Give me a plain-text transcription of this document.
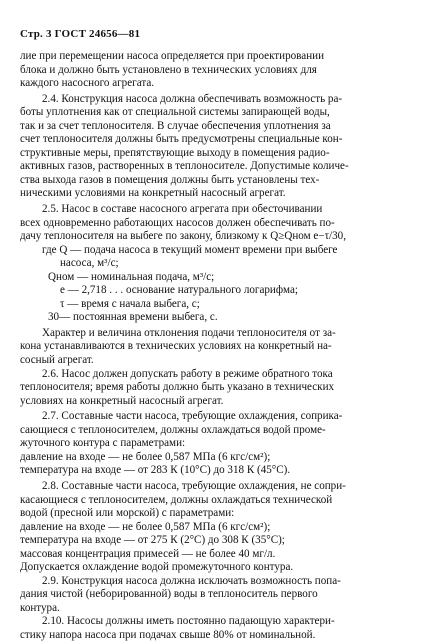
Стр. 3 ГОСТ 24656—81
лие при перемещении насоса определяется при проектировании
блока и должно быть установлено в технических условиях для
каждого насосного агрегата.
2.4. Конструкция насоса должна обеспечивать возможность ра-
боты уплотнения как от специальной системы запирающей воды,
так и за счет теплоносителя. В случае обеспечения уплотнения за
счет теплоносителя должны быть предусмотрены специальные кон-
структивные меры, препятствующие выходу в помещения радио-
активных газов, растворенных в теплоносителе. Допустимые количе-
ства выхода газов в помещения должны быть установлены тех-
ническими условиями на конкретный насосный агрегат.
2.5. Насос в составе насосного агрегата при обесточивании
всех одновременно работающих насосов должен обеспечивать по-
дачу теплоносителя на выбеге по закону, близкому к Q≥Qном e−τ/30,
где Q — подача насоса в текущий момент времени при выбеге
насоса, м³/с;
Qном — номинальная подача, м³/с;
e — 2,718 . . . основание натурального логарифма;
τ — время с начала выбега, с;
30— постоянная времени выбега, с.
Характер и величина отклонения подачи теплоносителя от за-
кона устанавливаются в технических условиях на конкретный на-
сосный агрегат.
2.6. Насос должен допускать работу в режиме обратного тока
теплоносителя; время работы должно быть указано в технических
условиях на конкретный насосный агрегат.
2.7. Составные части насоса, требующие охлаждения, соприка-
сающиеся с теплоносителем, должны охлаждаться водой проме-
жуточного контура с параметрами:
давление на входе — не более 0,587 МПа (6 кгс/см²);
температура на входе — от 283 К (10°С) до 318 К (45°С).
2.8. Составные части насоса, требующие охлаждения, не сопри-
касающиеся с теплоносителем, должны охлаждаться технической
водой (пресной или морской) с параметрами:
давление на входе — не более 0,587 МПа (6 кгс/см²);
температура на входе — от 275 К (2°С) до 308 К (35°С);
массовая концентрация примесей — не более 40 мг/л.
Допускается охлаждение водой промежуточного контура.
2.9. Конструкция насоса должна исключать возможность попа-
дания чистой (неборированной) воды в теплоноситель первого
контура.
2.10. Насосы должны иметь постоянно падающую характери-
стику напора насоса при подачах свыше 80% от номинальной.
